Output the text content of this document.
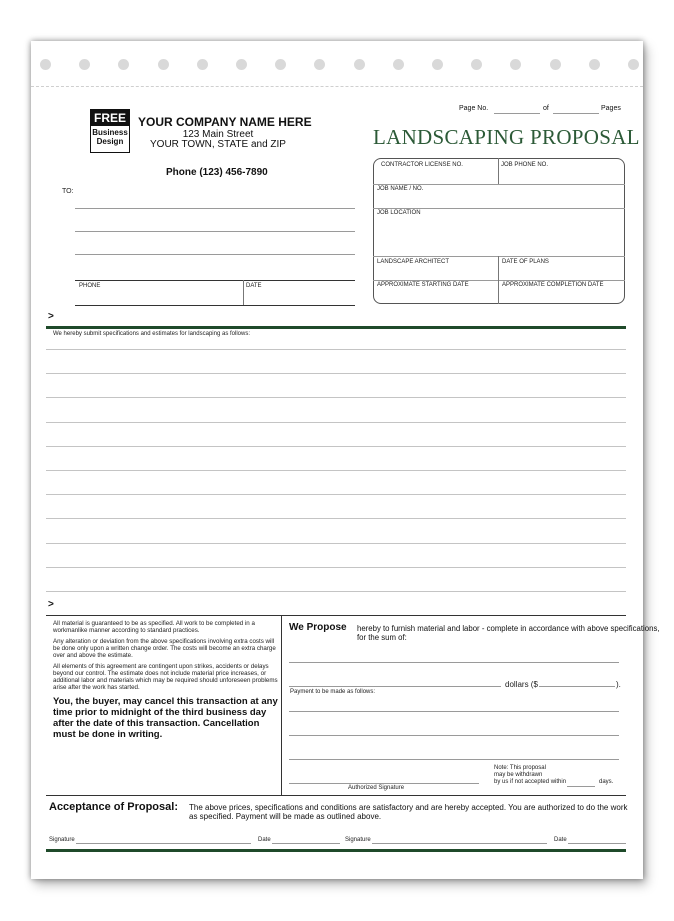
FREE
Business
Design
YOUR COMPANY NAME HERE
123 Main Street
YOUR TOWN, STATE and ZIP
Phone (123) 456-7890
Page No.	of	Pages
LANDSCAPING PROPOSAL
TO:
PHONE	DATE
CONTRACTOR LICENSE NO.	JOB PHONE NO.
JOB NAME / NO.
JOB LOCATION
LANDSCAPE ARCHITECT	DATE OF PLANS
APPROXIMATE STARTING DATE	APPROXIMATE COMPLETION DATE
>
We hereby submit specifications and estimates for landscaping as follows:
>
All material is guaranteed to be as specified. All work to be completed in a workmanlike manner according to standard practices.
Any alteration or deviation from the above specifications involving extra costs will be done only upon a written change order. The costs will become an extra charge over and above the estimate.
All elements of this agreement are contingent upon strikes, accidents or delays beyond our control. The estimate does not include material price increases, or additional labor and materials which may be required should unforeseen problems arise after the work has started.
You, the buyer, may cancel this transaction at any time prior to midnight of the third business day after the date of this transaction. Cancellation must be done in writing.
We Propose hereby to furnish material and labor - complete in accordance with above specifications, for the sum of:
dollars ($	).
Payment to be made as follows:
Note: This proposal
may be withdrawn
by us if not accepted within	days.
Authorized Signature
Acceptance of Proposal: The above prices, specifications and conditions are satisfactory and are hereby accepted. You are authorized to do the work as specified. Payment will be made as outlined above.
Signature	Date	Signature	Date
